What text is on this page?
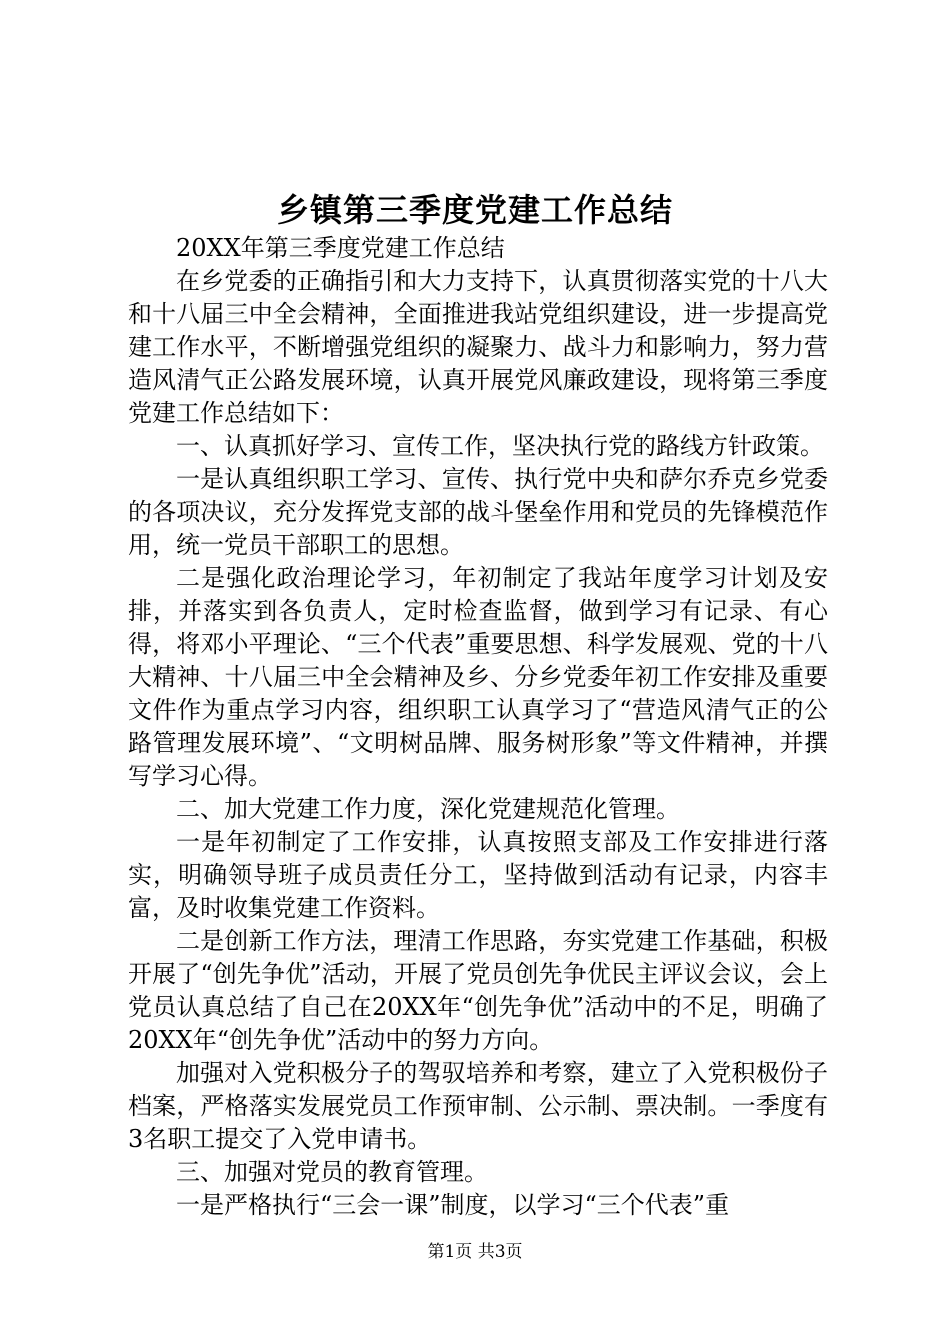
乡镇第三季度党建工作总结

20XX年第三季度党建工作总结

在乡党委的正确指引和大力支持下，认真贯彻落实党的十八大和十八届三中全会精神，全面推进我站党组织建设，进一步提高党建工作水平，不断增强党组织的凝聚力、战斗力和影响力，努力营造风清气正公路发展环境，认真开展党风廉政建设，现将第三季度党建工作总结如下：

一、认真抓好学习、宣传工作，坚决执行党的路线方针政策。

一是认真组织职工学习、宣传、执行党中央和萨尔乔克乡党委的各项决议，充分发挥党支部的战斗堡垒作用和党员的先锋模范作用，统一党员干部职工的思想。

二是强化政治理论学习，年初制定了我站年度学习计划及安排，并落实到各负责人，定时检查监督，做到学习有记录、有心得，将邓小平理论、“三个代表”重要思想、科学发展观、党的十八大精神、十八届三中全会精神及乡、分乡党委年初工作安排及重要文件作为重点学习内容，组织职工认真学习了“营造风清气正的公路管理发展环境”、“文明树品牌、服务树形象”等文件精神，并撰写学习心得。

二、加大党建工作力度，深化党建规范化管理。

一是年初制定了工作安排，认真按照支部及工作安排进行落实，明确领导班子成员责任分工，坚持做到活动有记录，内容丰富，及时收集党建工作资料。

二是创新工作方法，理清工作思路，夯实党建工作基础，积极开展了“创先争优”活动，开展了党员创先争优民主评议会议，会上党员认真总结了自己在20XX年“创先争优”活动中的不足，明确了20XX年“创先争优”活动中的努力方向。

加强对入党积极分子的驾驭培养和考察，建立了入党积极份子档案，严格落实发展党员工作预审制、公示制、票决制。一季度有3名职工提交了入党申请书。

三、加强对党员的教育管理。

一是严格执行“三会一课”制度，以学习“三个代表”重

第1页 共3页
